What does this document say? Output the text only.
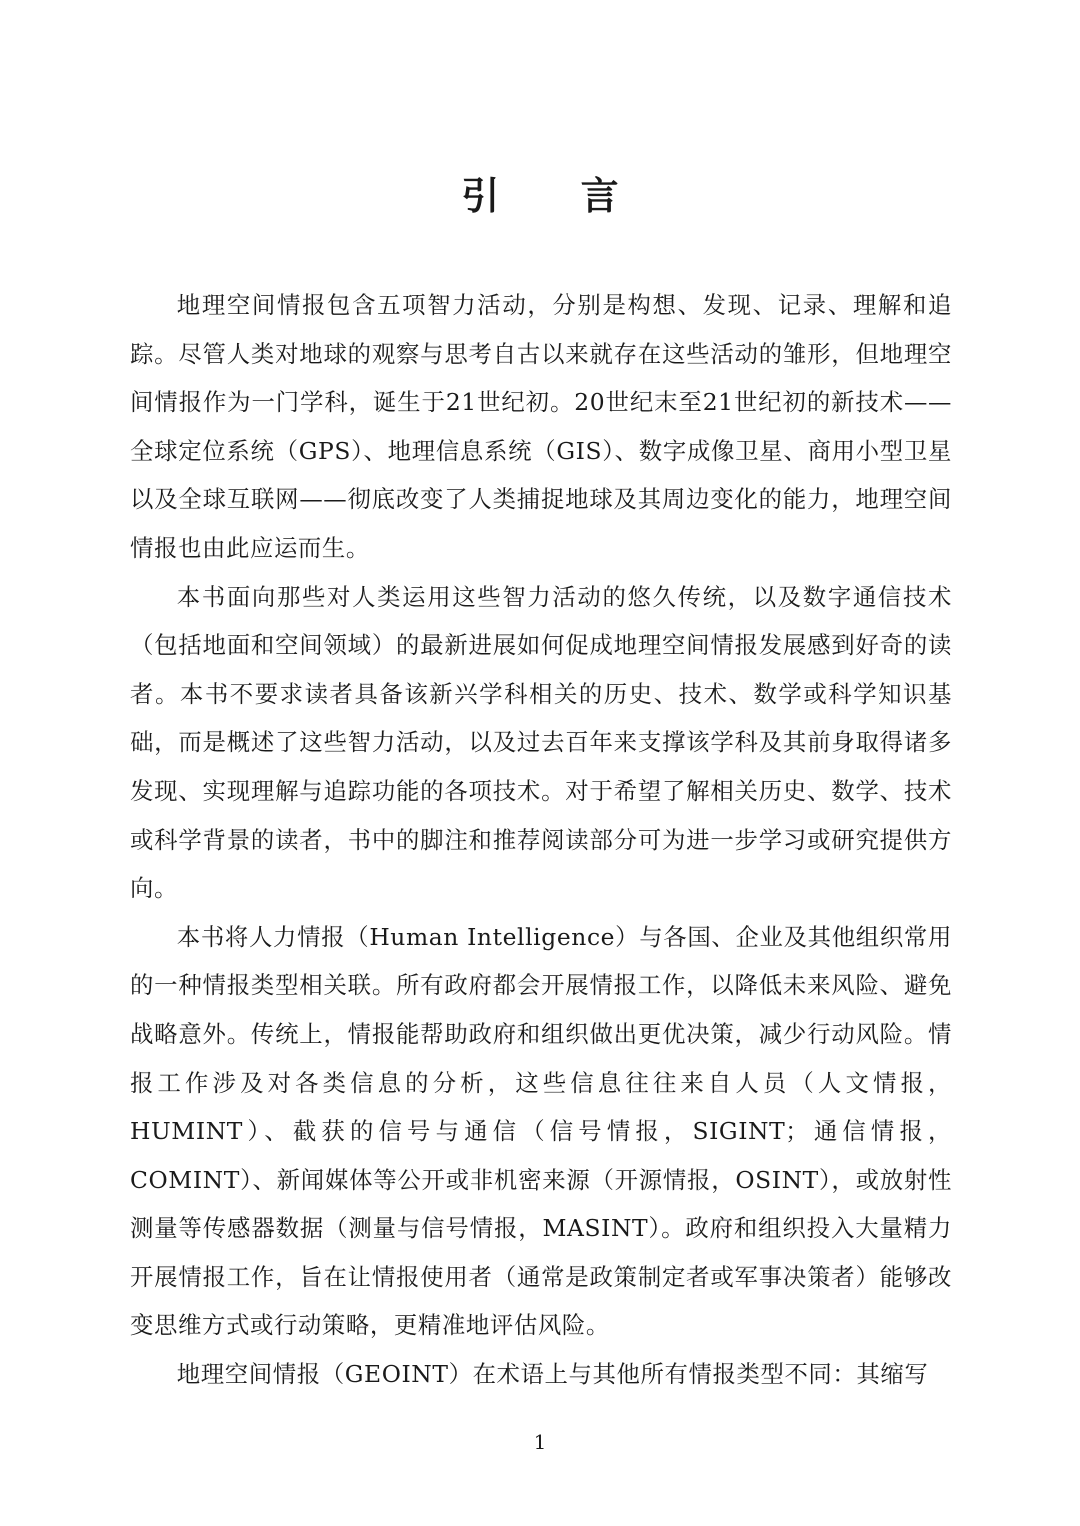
引 言

地理空间情报包含五项智力活动，分别是构想、发现、记录、理解和追踪。尽管人类对地球的观察与思考自古以来就存在这些活动的雏形，但地理空间情报作为一门学科，诞生于21世纪初。20世纪末至21世纪初的新技术——全球定位系统（GPS）、地理信息系统（GIS）、数字成像卫星、商用小型卫星以及全球互联网——彻底改变了人类捕捉地球及其周边变化的能力，地理空间情报也由此应运而生。

本书面向那些对人类运用这些智力活动的悠久传统，以及数字通信技术（包括地面和空间领域）的最新进展如何促成地理空间情报发展感到好奇的读者。本书不要求读者具备该新兴学科相关的历史、技术、数学或科学知识基础，而是概述了这些智力活动，以及过去百年来支撑该学科及其前身取得诸多发现、实现理解与追踪功能的各项技术。对于希望了解相关历史、数学、技术或科学背景的读者，书中的脚注和推荐阅读部分可为进一步学习或研究提供方向。

本书将人力情报（Human Intelligence）与各国、企业及其他组织常用的一种情报类型相关联。所有政府都会开展情报工作，以降低未来风险、避免战略意外。传统上，情报能帮助政府和组织做出更优决策，减少行动风险。情报工作涉及对各类信息的分析，这些信息往往来自人员（人文情报，HUMINT）、截获的信号与通信（信号情报，SIGINT；通信情报，COMINT）、新闻媒体等公开或非机密来源（开源情报，OSINT），或放射性测量等传感器数据（测量与信号情报，MASINT）。政府和组织投入大量精力开展情报工作，旨在让情报使用者（通常是政策制定者或军事决策者）能够改变思维方式或行动策略，更精准地评估风险。

地理空间情报（GEOINT）在术语上与其他所有情报类型不同：其缩写

1
